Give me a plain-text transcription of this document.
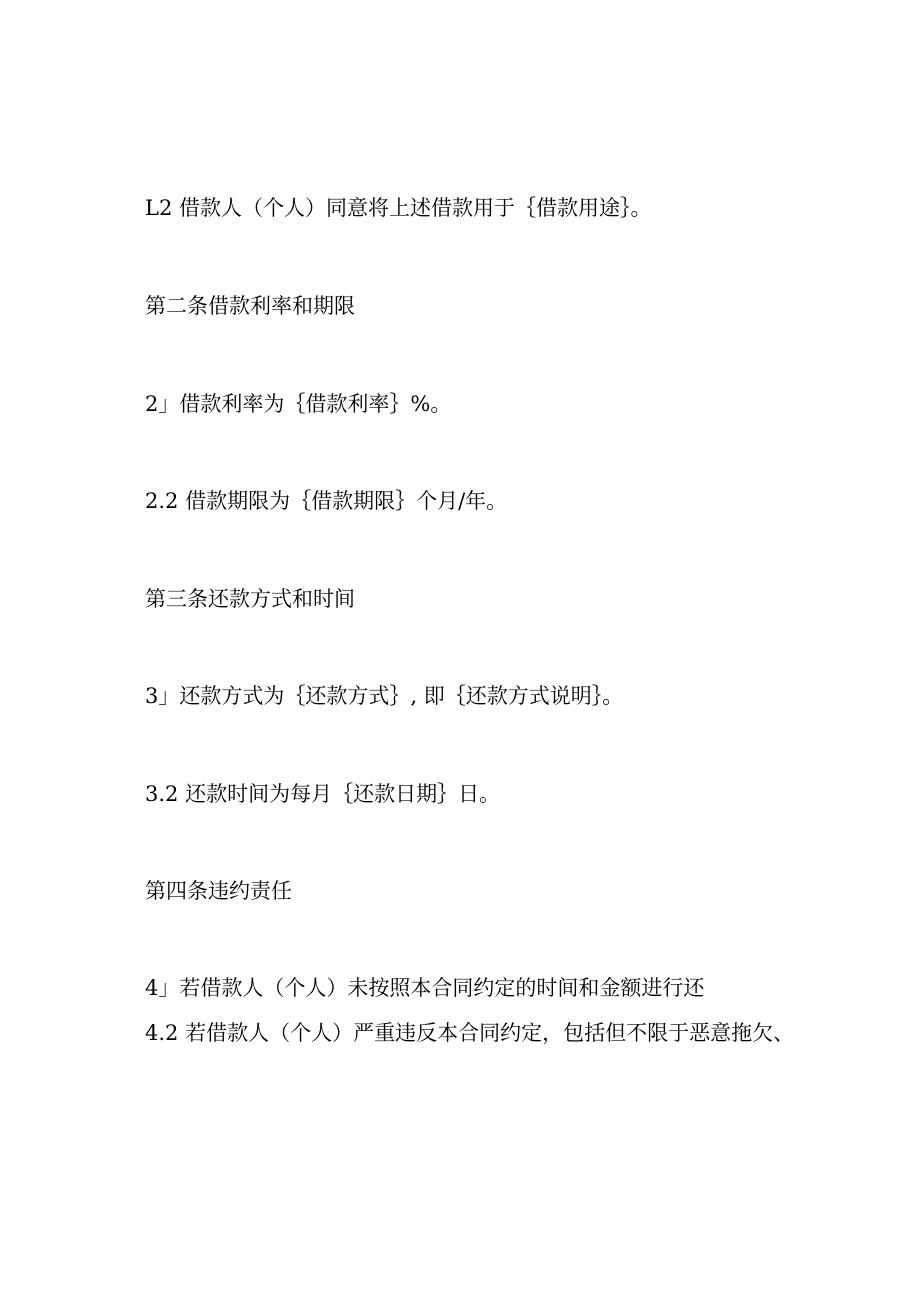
L2 借款人（个人）同意将上述借款用于｛借款用途｝。

第二条借款利率和期限

2」借款利率为｛借款利率｝%。

2.2 借款期限为｛借款期限｝个月/年。

第三条还款方式和时间

3」还款方式为｛还款方式｝, 即｛还款方式说明｝。

3.2 还款时间为每月｛还款日期｝日。

第四条违约责任

4」若借款人（个人）未按照本合同约定的时间和金额进行还

4.2 若借款人（个人）严重违反本合同约定，包括但不限于恶意拖欠、
